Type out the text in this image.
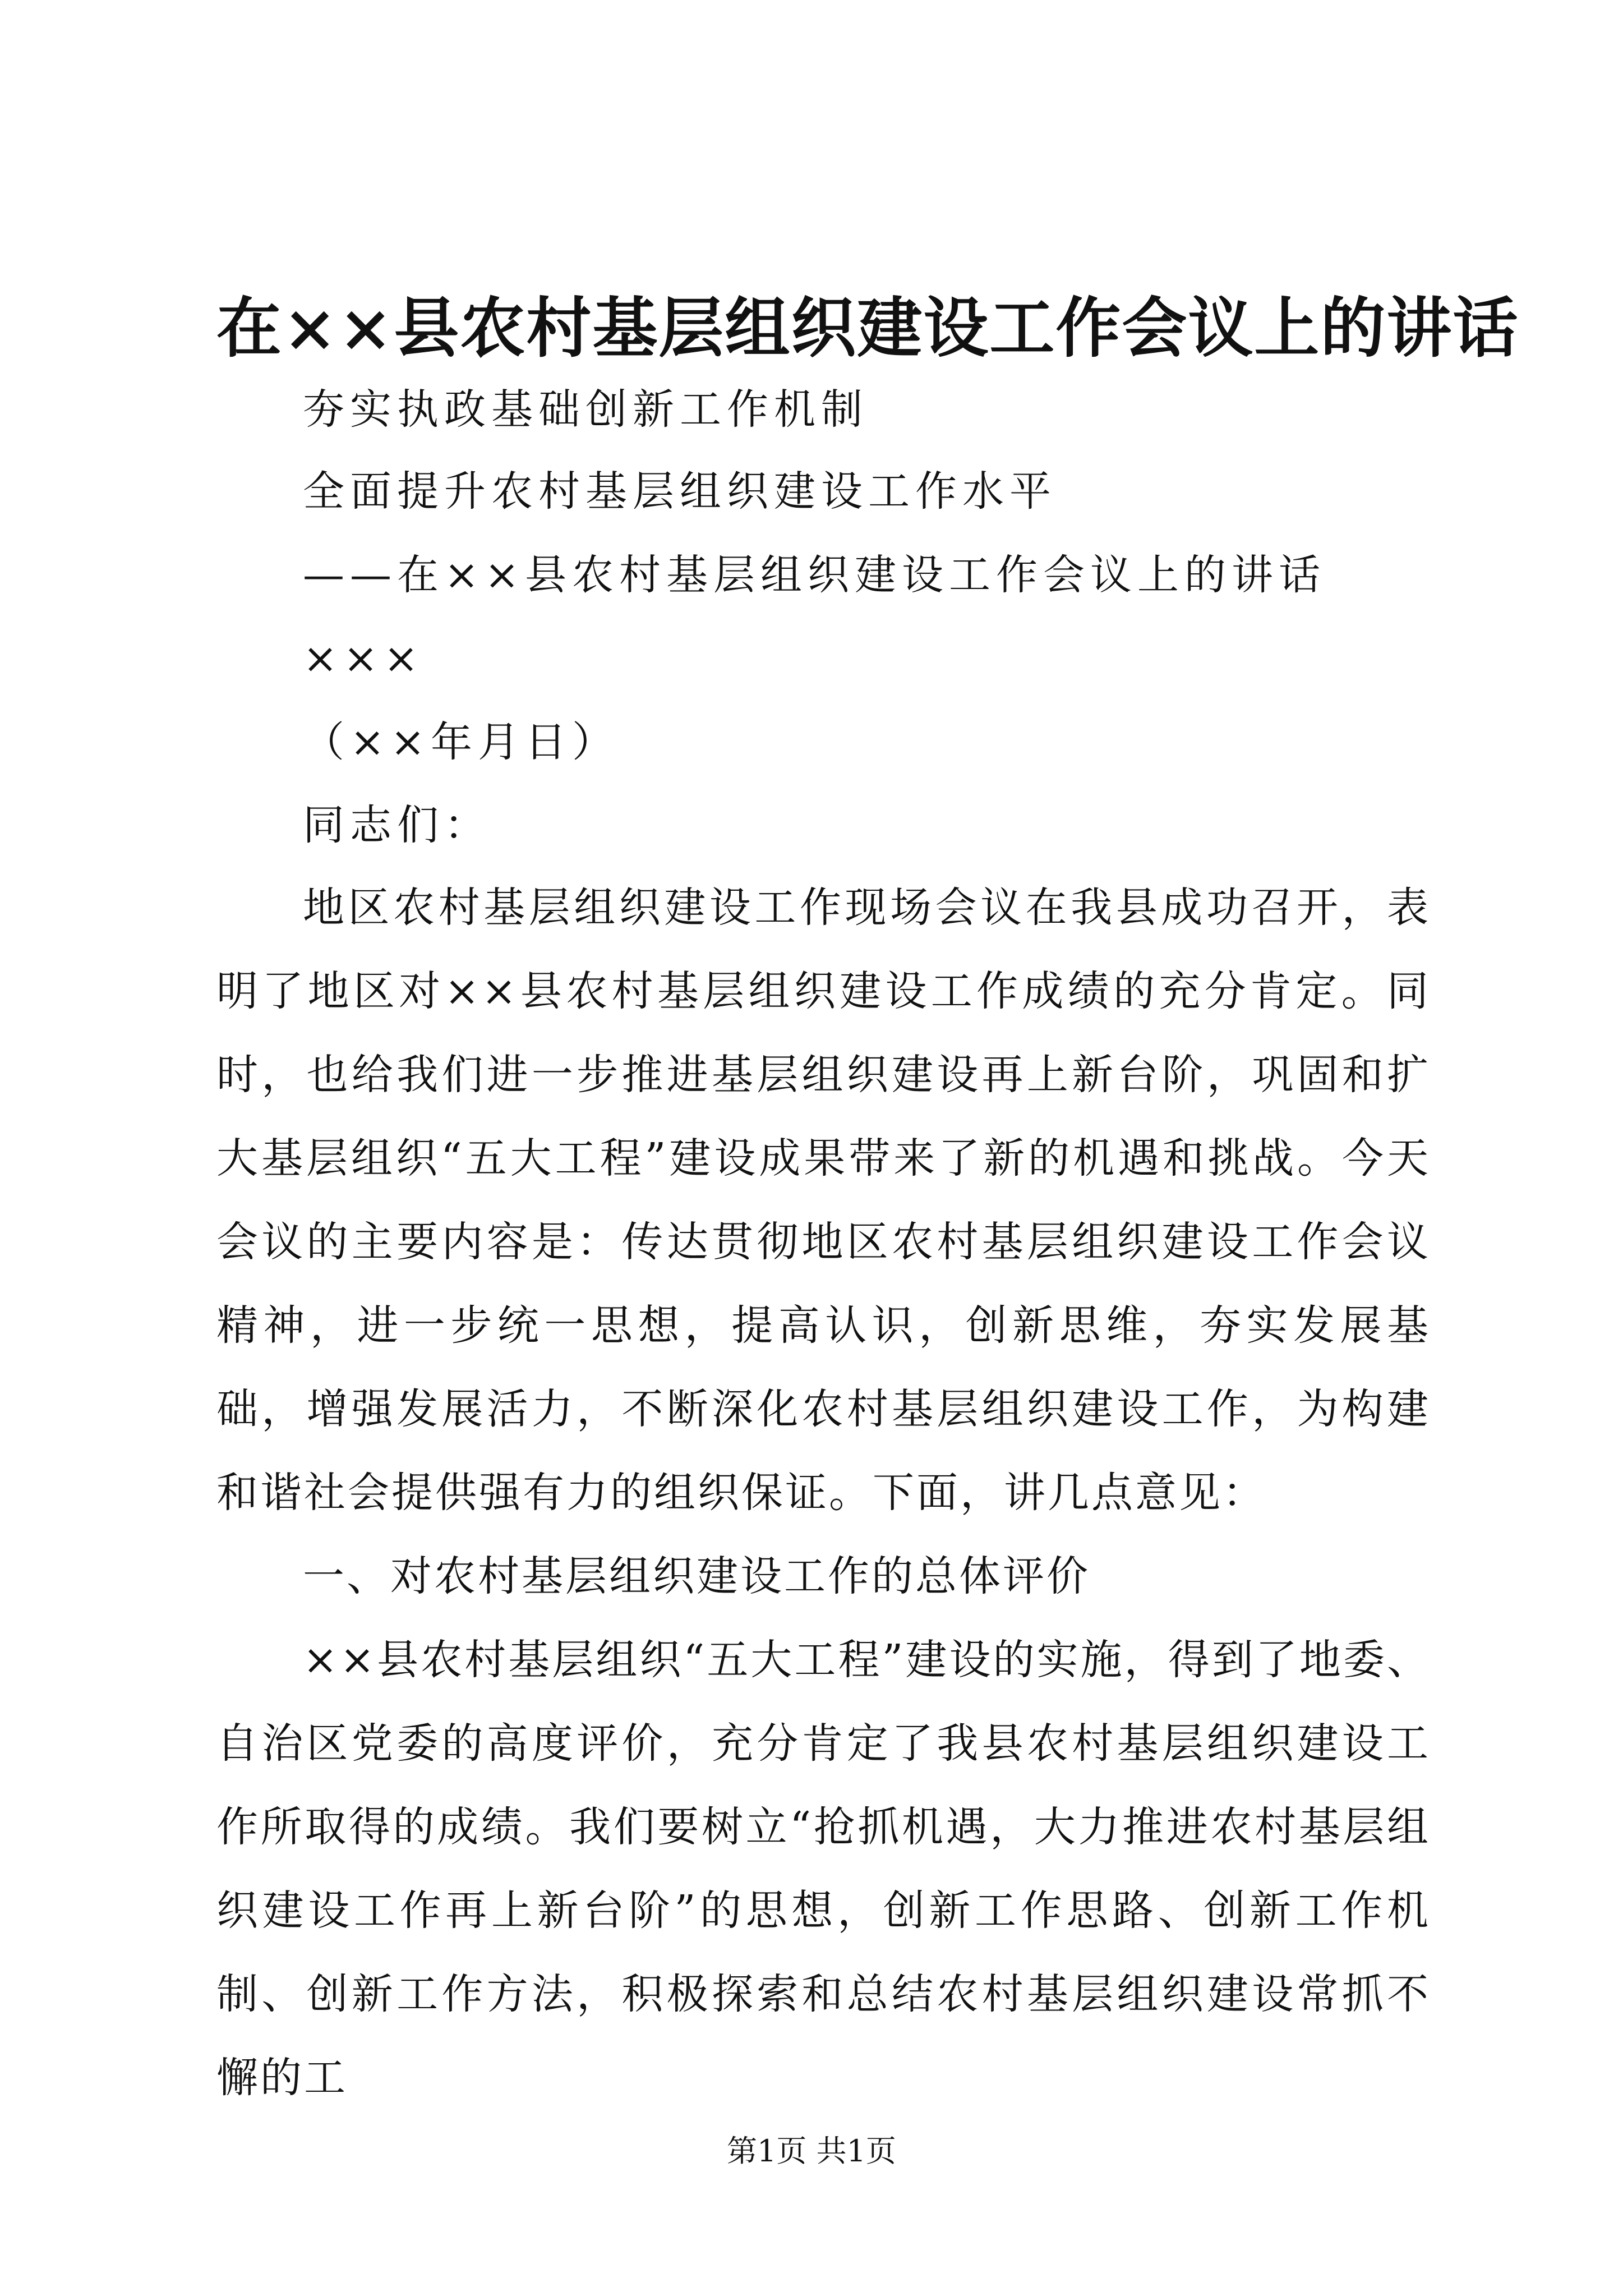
在××县农村基层组织建设工作会议上的讲话

夯实执政基础创新工作机制

全面提升农村基层组织建设工作水平

——在××县农村基层组织建设工作会议上的讲话

×××

（××年月日）

同志们：

地区农村基层组织建设工作现场会议在我县成功召开，表明了地区对××县农村基层组织建设工作成绩的充分肯定。同时，也给我们进一步推进基层组织建设再上新台阶，巩固和扩大基层组织“五大工程”建设成果带来了新的机遇和挑战。今天会议的主要内容是：传达贯彻地区农村基层组织建设工作会议精神，进一步统一思想，提高认识，创新思维，夯实发展基础，增强发展活力，不断深化农村基层组织建设工作，为构建和谐社会提供强有力的组织保证。下面，讲几点意见：

一、对农村基层组织建设工作的总体评价

××县农村基层组织“五大工程”建设的实施，得到了地委、自治区党委的高度评价，充分肯定了我县农村基层组织建设工作所取得的成绩。我们要树立“抢抓机遇，大力推进农村基层组织建设工作再上新台阶”的思想，创新工作思路、创新工作机制、创新工作方法，积极探索和总结农村基层组织建设常抓不懈的工

第1页 共1页
